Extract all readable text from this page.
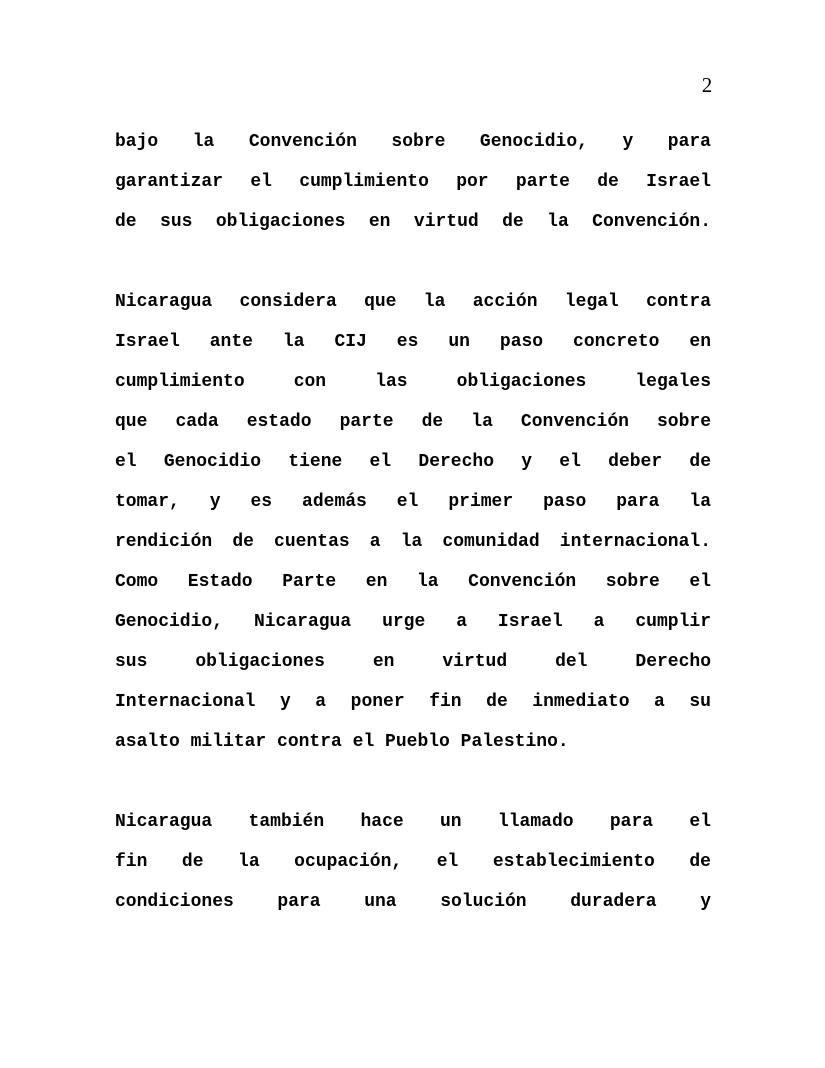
2
bajo la Convención sobre Genocidio, y para
garantizar el cumplimiento por parte de Israel
de sus obligaciones en virtud de la Convención.
Nicaragua considera que la acción legal contra
Israel ante la CIJ es un paso concreto en
cumplimiento con las obligaciones legales
que cada estado parte de la Convención sobre
el Genocidio tiene el Derecho y el deber de
tomar, y es además el primer paso para la
rendición de cuentas a la comunidad internacional.
Como Estado Parte en la Convención sobre el
Genocidio, Nicaragua urge a Israel a cumplir
sus obligaciones en virtud del Derecho
Internacional y a poner fin de inmediato a su
asalto militar contra el Pueblo Palestino.
Nicaragua también hace un llamado para el
fin de la ocupación, el establecimiento de
condiciones para una solución duradera y
